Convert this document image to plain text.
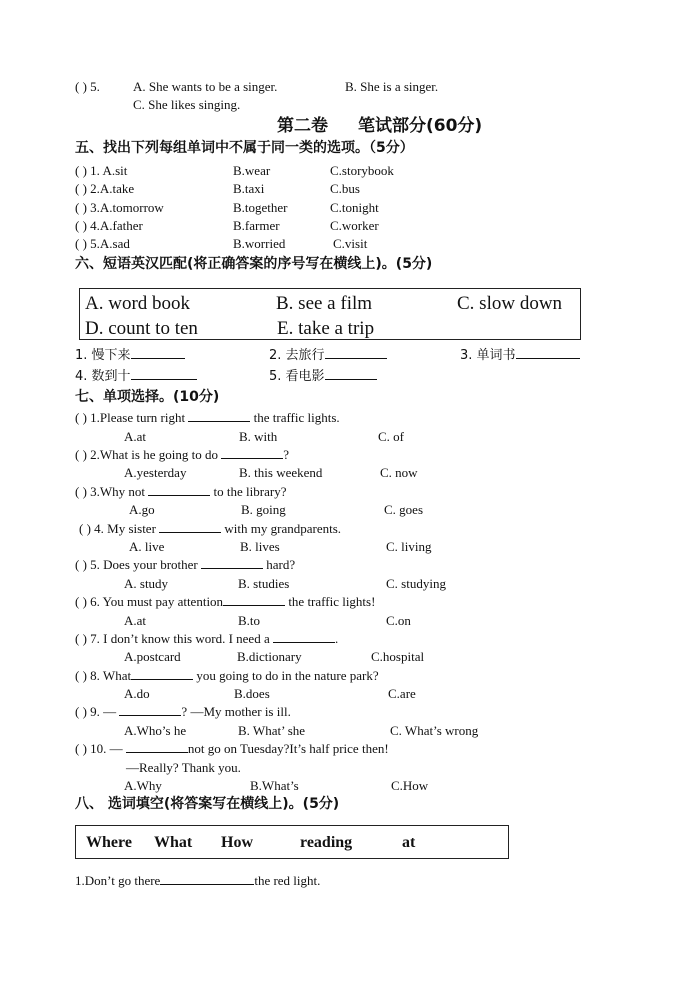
( ) 5.	A. She wants to be a singer.	B. She is a singer.
C. She likes singing.
第二卷 笔试部分(60分)
五、找出下列每组单词中不属于同一类的选项。（5分）
( ) 1. A.sit	B.wear	C.storybook
( ) 2.A.take	B.taxi	C.bus
( ) 3.A.tomorrow	B.together	C.tonight
( ) 4.A.father	B.farmer	C.worker
( ) 5.A.sad	B.worried	C.visit
六、短语英汉匹配(将正确答案的序号写在横线上)。(5分)
A. word book	B. see a film	C. slow down
D. count to ten	E. take a trip
1. 慢下来	2. 去旅行	3. 单词书
4. 数到十	5. 看电影
七、单项选择。(10分)
( ) 1.Please turn right	the traffic lights.
A.at	B. with	C. of
( ) 2.What is he going to do	?
A.yesterday	B. this weekend	C. now
( ) 3.Why not	to the library?
A.go	B. going	C. goes
( ) 4. My sister	with my grandparents.
A. live	B. lives	C. living
( ) 5. Does your brother	hard?
A. study	B. studies	C. studying
( ) 6. You must pay attention	the traffic lights!
A.at	B.to	C.on
( ) 7. I don’t know this word. I need a	.
A.postcard	B.dictionary	C.hospital
( ) 8. What	you going to do in the nature park?
A.do	B.does	C.are
( ) 9. —	? —My mother is ill.
A.Who’s he	B. What’ she	C. What’s wrong
( ) 10. —	not go on Tuesday?It’s half price then!
—Really? Thank you.
A.Why	B.What’s	C.How
八、 选词填空(将答案写在横线上)。(5分)
Where What How	reading	at
1.Don’t go there	the red light.
